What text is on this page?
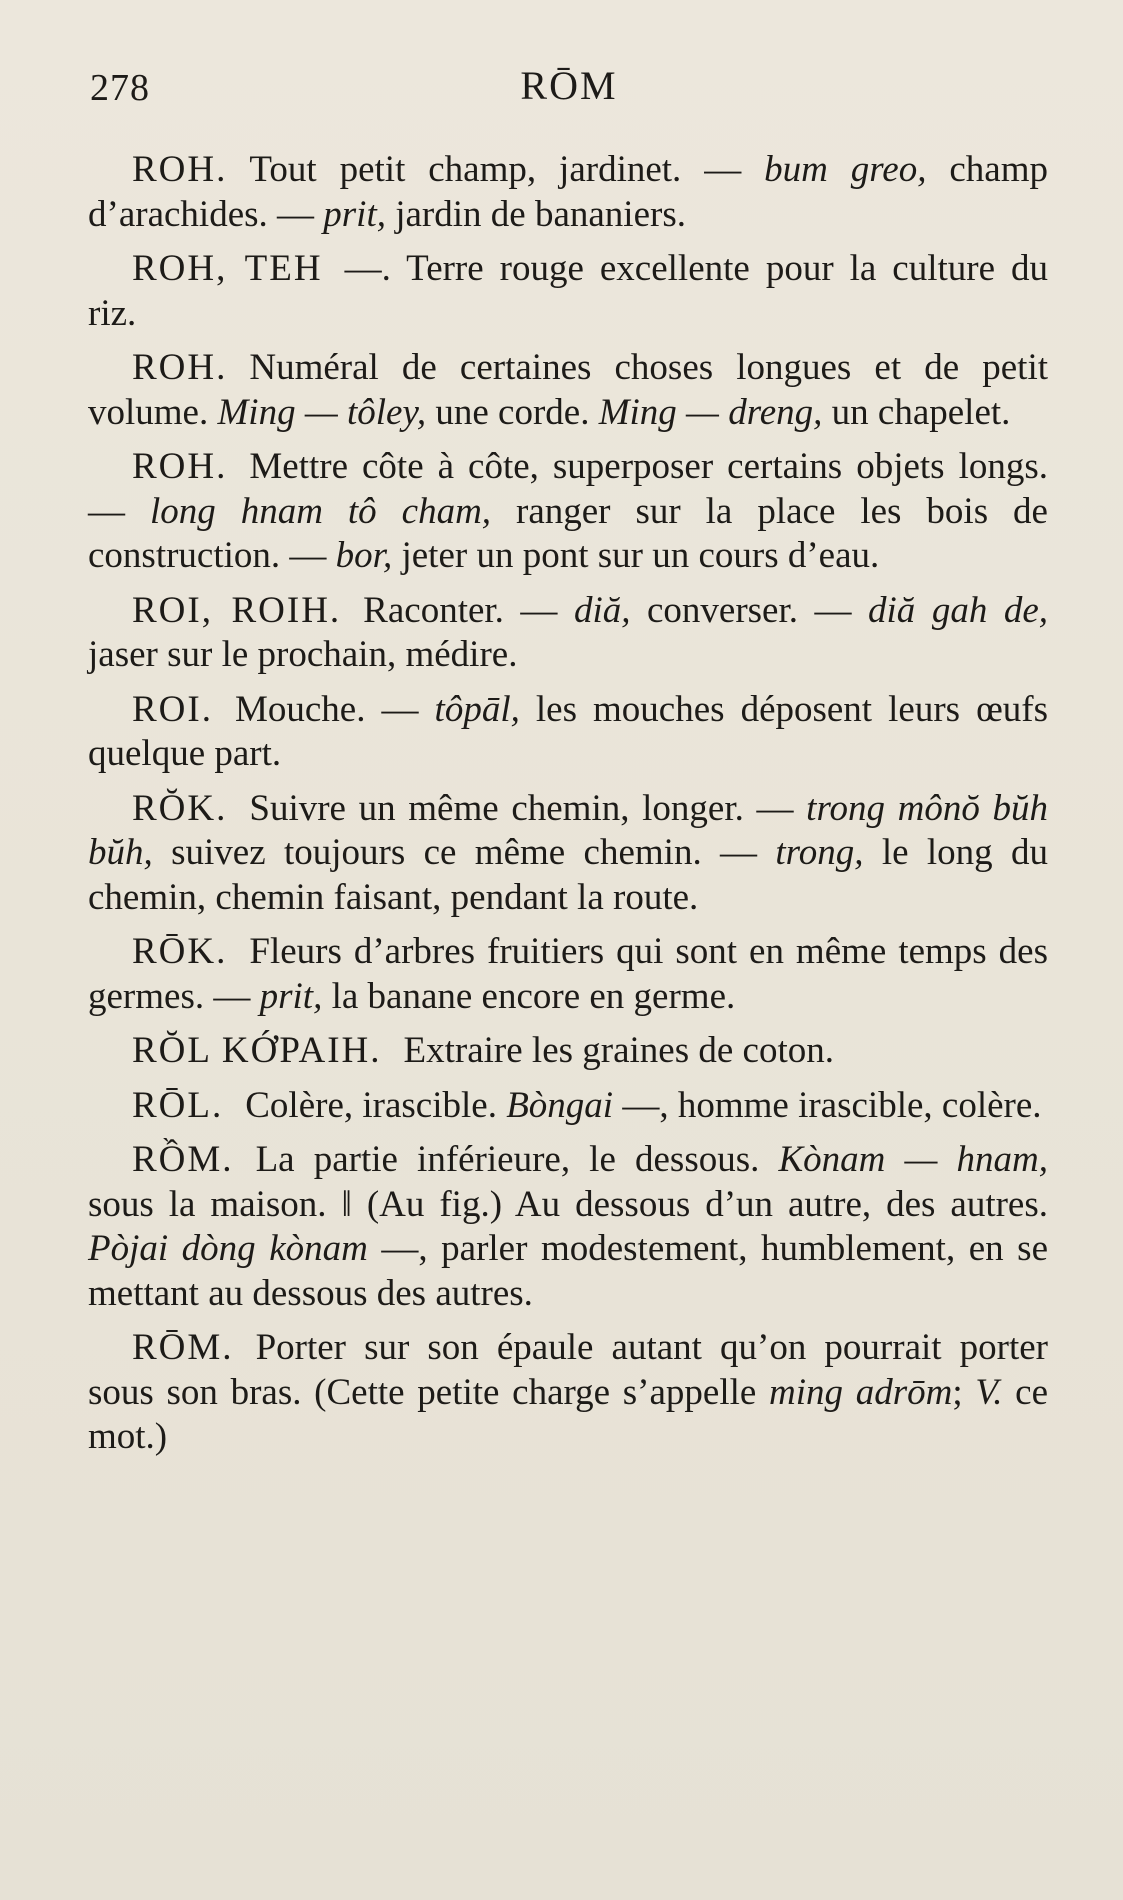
278	RŌM

ROH. Tout petit champ, jardinet. — bum greo, champ d’arachides. — prit, jardin de bananiers.

ROH, TEH —. Terre rouge excellente pour la culture du riz.

ROH. Numéral de certaines choses longues et de petit volume. Ming — tôley, une corde. Ming — dreng, un chapelet.

ROH. Mettre côte à côte, superposer certains objets longs. — long hnam tô cham, ranger sur la place les bois de construction. — bor, jeter un pont sur un cours d’eau.

ROI, ROIH. Raconter. — diă, converser. — diă gah de, jaser sur le prochain, médire.

ROI. Mouche. — tôpāl, les mouches déposent leurs œufs quelque part.

RŎK. Suivre un même chemin, longer. — trong mônŏ bŭh bŭh, suivez toujours ce même chemin. — trong, le long du chemin, chemin faisant, pendant la route.

RŌK. Fleurs d’arbres fruitiers qui sont en même temps des germes. — prit, la banane encore en germe.

RŎL KỚPAIH. Extraire les graines de coton.

RŌL. Colère, irascible. Bòngai —, homme irascible, colère.

RỒM. La partie inférieure, le dessous. Kònam — hnam, sous la maison. ‖ (Au fig.) Au dessous d’un autre, des autres. Pòjai dòng kònam —, parler modestement, humblement, en se mettant au dessous des autres.

RŌM. Porter sur son épaule autant qu’on pourrait porter sous son bras. (Cette petite charge s’appelle ming adrōm; V. ce mot.)
